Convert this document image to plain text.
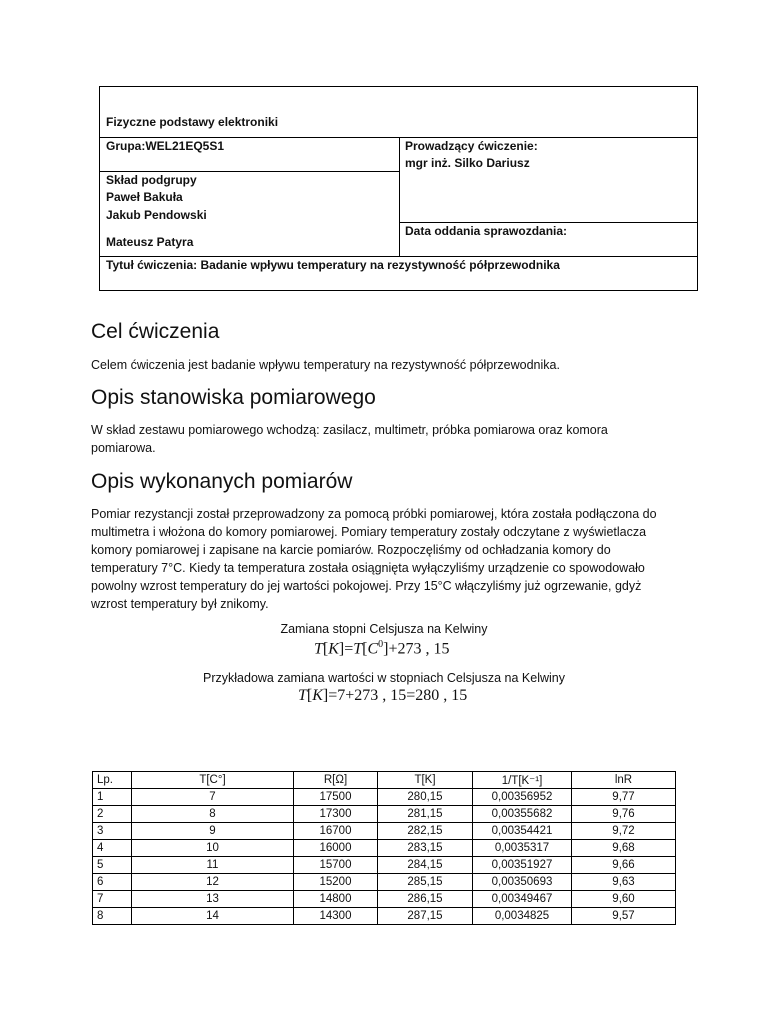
Fizyczne podstawy elektroniki
Grupa:WEL21EQ5S1	Prowadzący ćwiczenie:
mgr inż. Silko Dariusz
Skład podgrupy
Paweł Bakuła
Jakub Pendowski
Mateusz Patyra
Data oddania sprawozdania:
Tytuł ćwiczenia: Badanie wpływu temperatury na rezystywność półprzewodnika
Cel ćwiczenia

Celem ćwiczenia jest badanie wpływu temperatury na rezystywność półprzewodnika.

Opis stanowiska pomiarowego

W skład zestawu pomiarowego wchodzą: zasilacz, multimetr, próbka pomiarowa oraz komora pomiarowa.

Opis wykonanych pomiarów

Pomiar rezystancji został przeprowadzony za pomocą próbki pomiarowej, która została podłączona do multimetra i włożona do komory pomiarowej. Pomiary temperatury zostały odczytane z wyświetlacza komory pomiarowej i zapisane na karcie pomiarów. Rozpoczęliśmy od ochładzania komory do temperatury 7°C. Kiedy ta temperatura została osiągnięta wyłączyliśmy urządzenie co spowodowało powolny wzrost temperatury do jej wartości pokojowej. Przy 15°C włączyliśmy już ogrzewanie, gdyż wzrost temperatury był znikomy.

Zamiana stopni Celsjusza na Kelwiny
$T[K]=T[C^0]+273$ , 15
Przykładowa zamiana wartości w stopniach Celsjusza na Kelwiny
T[K]=7+273 , 15=280 , 15
Lp.	T[C°]	R[Ω]	T[K]	1/T[K⁻¹]	lnR
1	7	17500	280,15	0,00356952	9,77
2	8	17300	281,15	0,00355682	9,76
3	9	16700	282,15	0,00354421	9,72
4	10	16000	283,15	0,0035317	9,68
5	11	15700	284,15	0,00351927	9,66
6	12	15200	285,15	0,00350693	9,63
7	13	14800	286,15	0,00349467	9,60
8	14	14300	287,15	0,0034825	9,57
